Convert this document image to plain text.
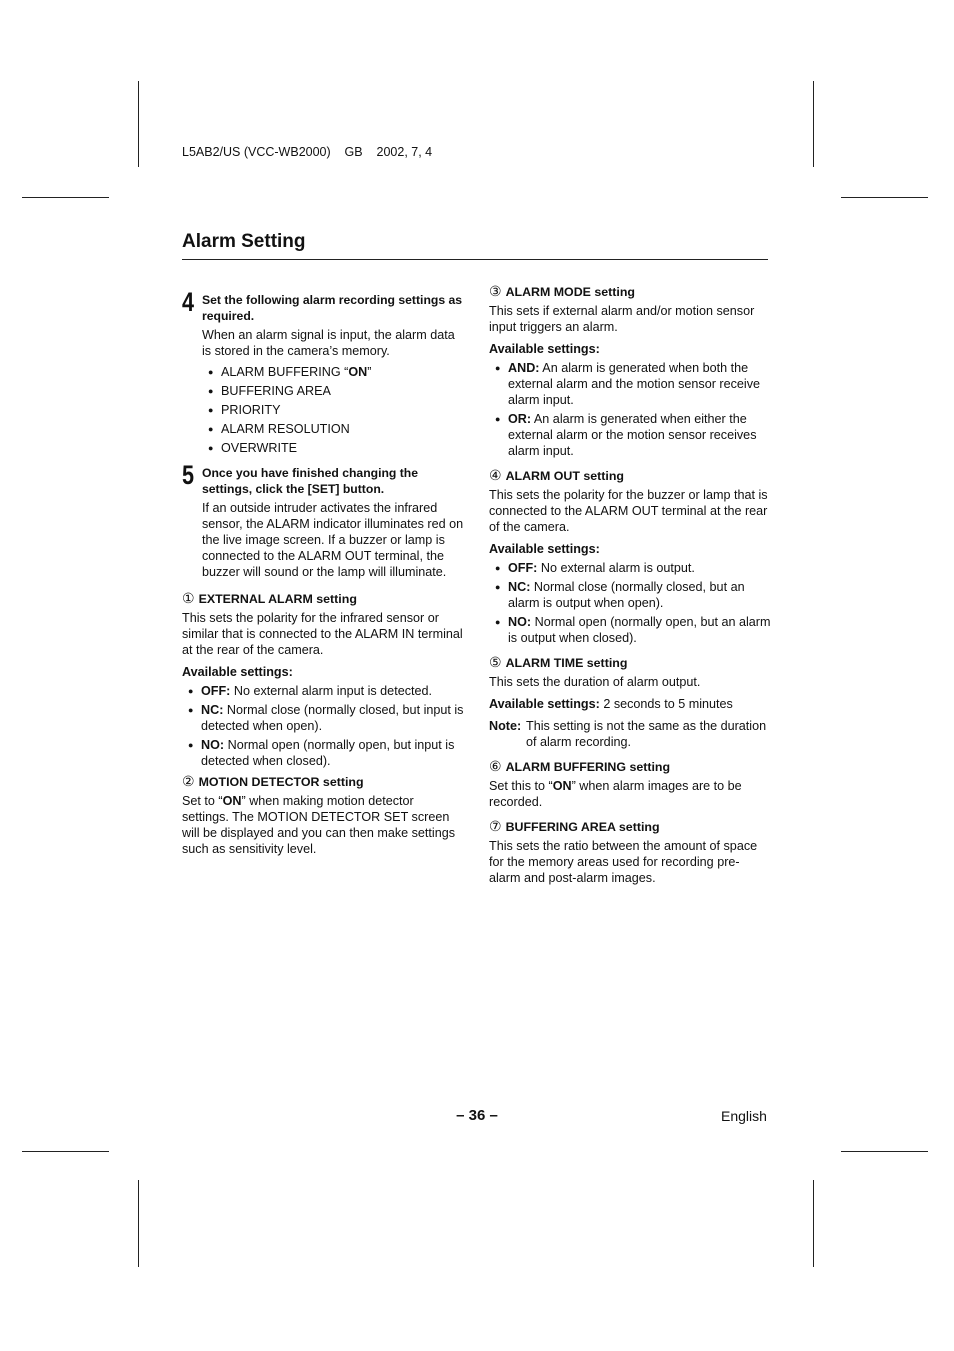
L5AB2/US (VCC-WB2000)    GB    2002, 7, 4
Alarm Setting
4 Set the following alarm recording settings as required.
When an alarm signal is input, the alarm data is stored in the camera’s memory.
● ALARM BUFFERING “ON”
● BUFFERING AREA
● PRIORITY
● ALARM RESOLUTION
● OVERWRITE
5 Once you have finished changing the settings, click the [SET] button.
If an outside intruder activates the infrared sensor, the ALARM indicator illuminates red on the live image screen. If a buzzer or lamp is connected to the ALARM OUT terminal, the buzzer will sound or the lamp will illuminate.
① EXTERNAL ALARM setting
This sets the polarity for the infrared sensor or similar that is connected to the ALARM IN terminal at the rear of the camera.
Available settings:
● OFF: No external alarm input is detected.
● NC: Normal close (normally closed, but input is detected when open).
● NO: Normal open (normally open, but input is detected when closed).
② MOTION DETECTOR setting
Set to “ON” when making motion detector settings. The MOTION DETECTOR SET screen will be displayed and you can then make settings such as sensitivity level.
③ ALARM MODE setting
This sets if external alarm and/or motion sensor input triggers an alarm.
Available settings:
● AND: An alarm is generated when both the external alarm and the motion sensor receive alarm input.
● OR: An alarm is generated when either the external alarm or the motion sensor receives alarm input.
④ ALARM OUT setting
This sets the polarity for the buzzer or lamp that is connected to the ALARM OUT terminal at the rear of the camera.
Available settings:
● OFF: No external alarm is output.
● NC: Normal close (normally closed, but an alarm is output when open).
● NO: Normal open (normally open, but an alarm is output when closed).
⑤ ALARM TIME setting
This sets the duration of alarm output.
Available settings: 2 seconds to 5 minutes
Note: This setting is not the same as the duration of alarm recording.
⑥ ALARM BUFFERING setting
Set this to “ON” when alarm images are to be recorded.
⑦ BUFFERING AREA setting
This sets the ratio between the amount of space for the memory areas used for recording pre-alarm and post-alarm images.
– 36 –	English
